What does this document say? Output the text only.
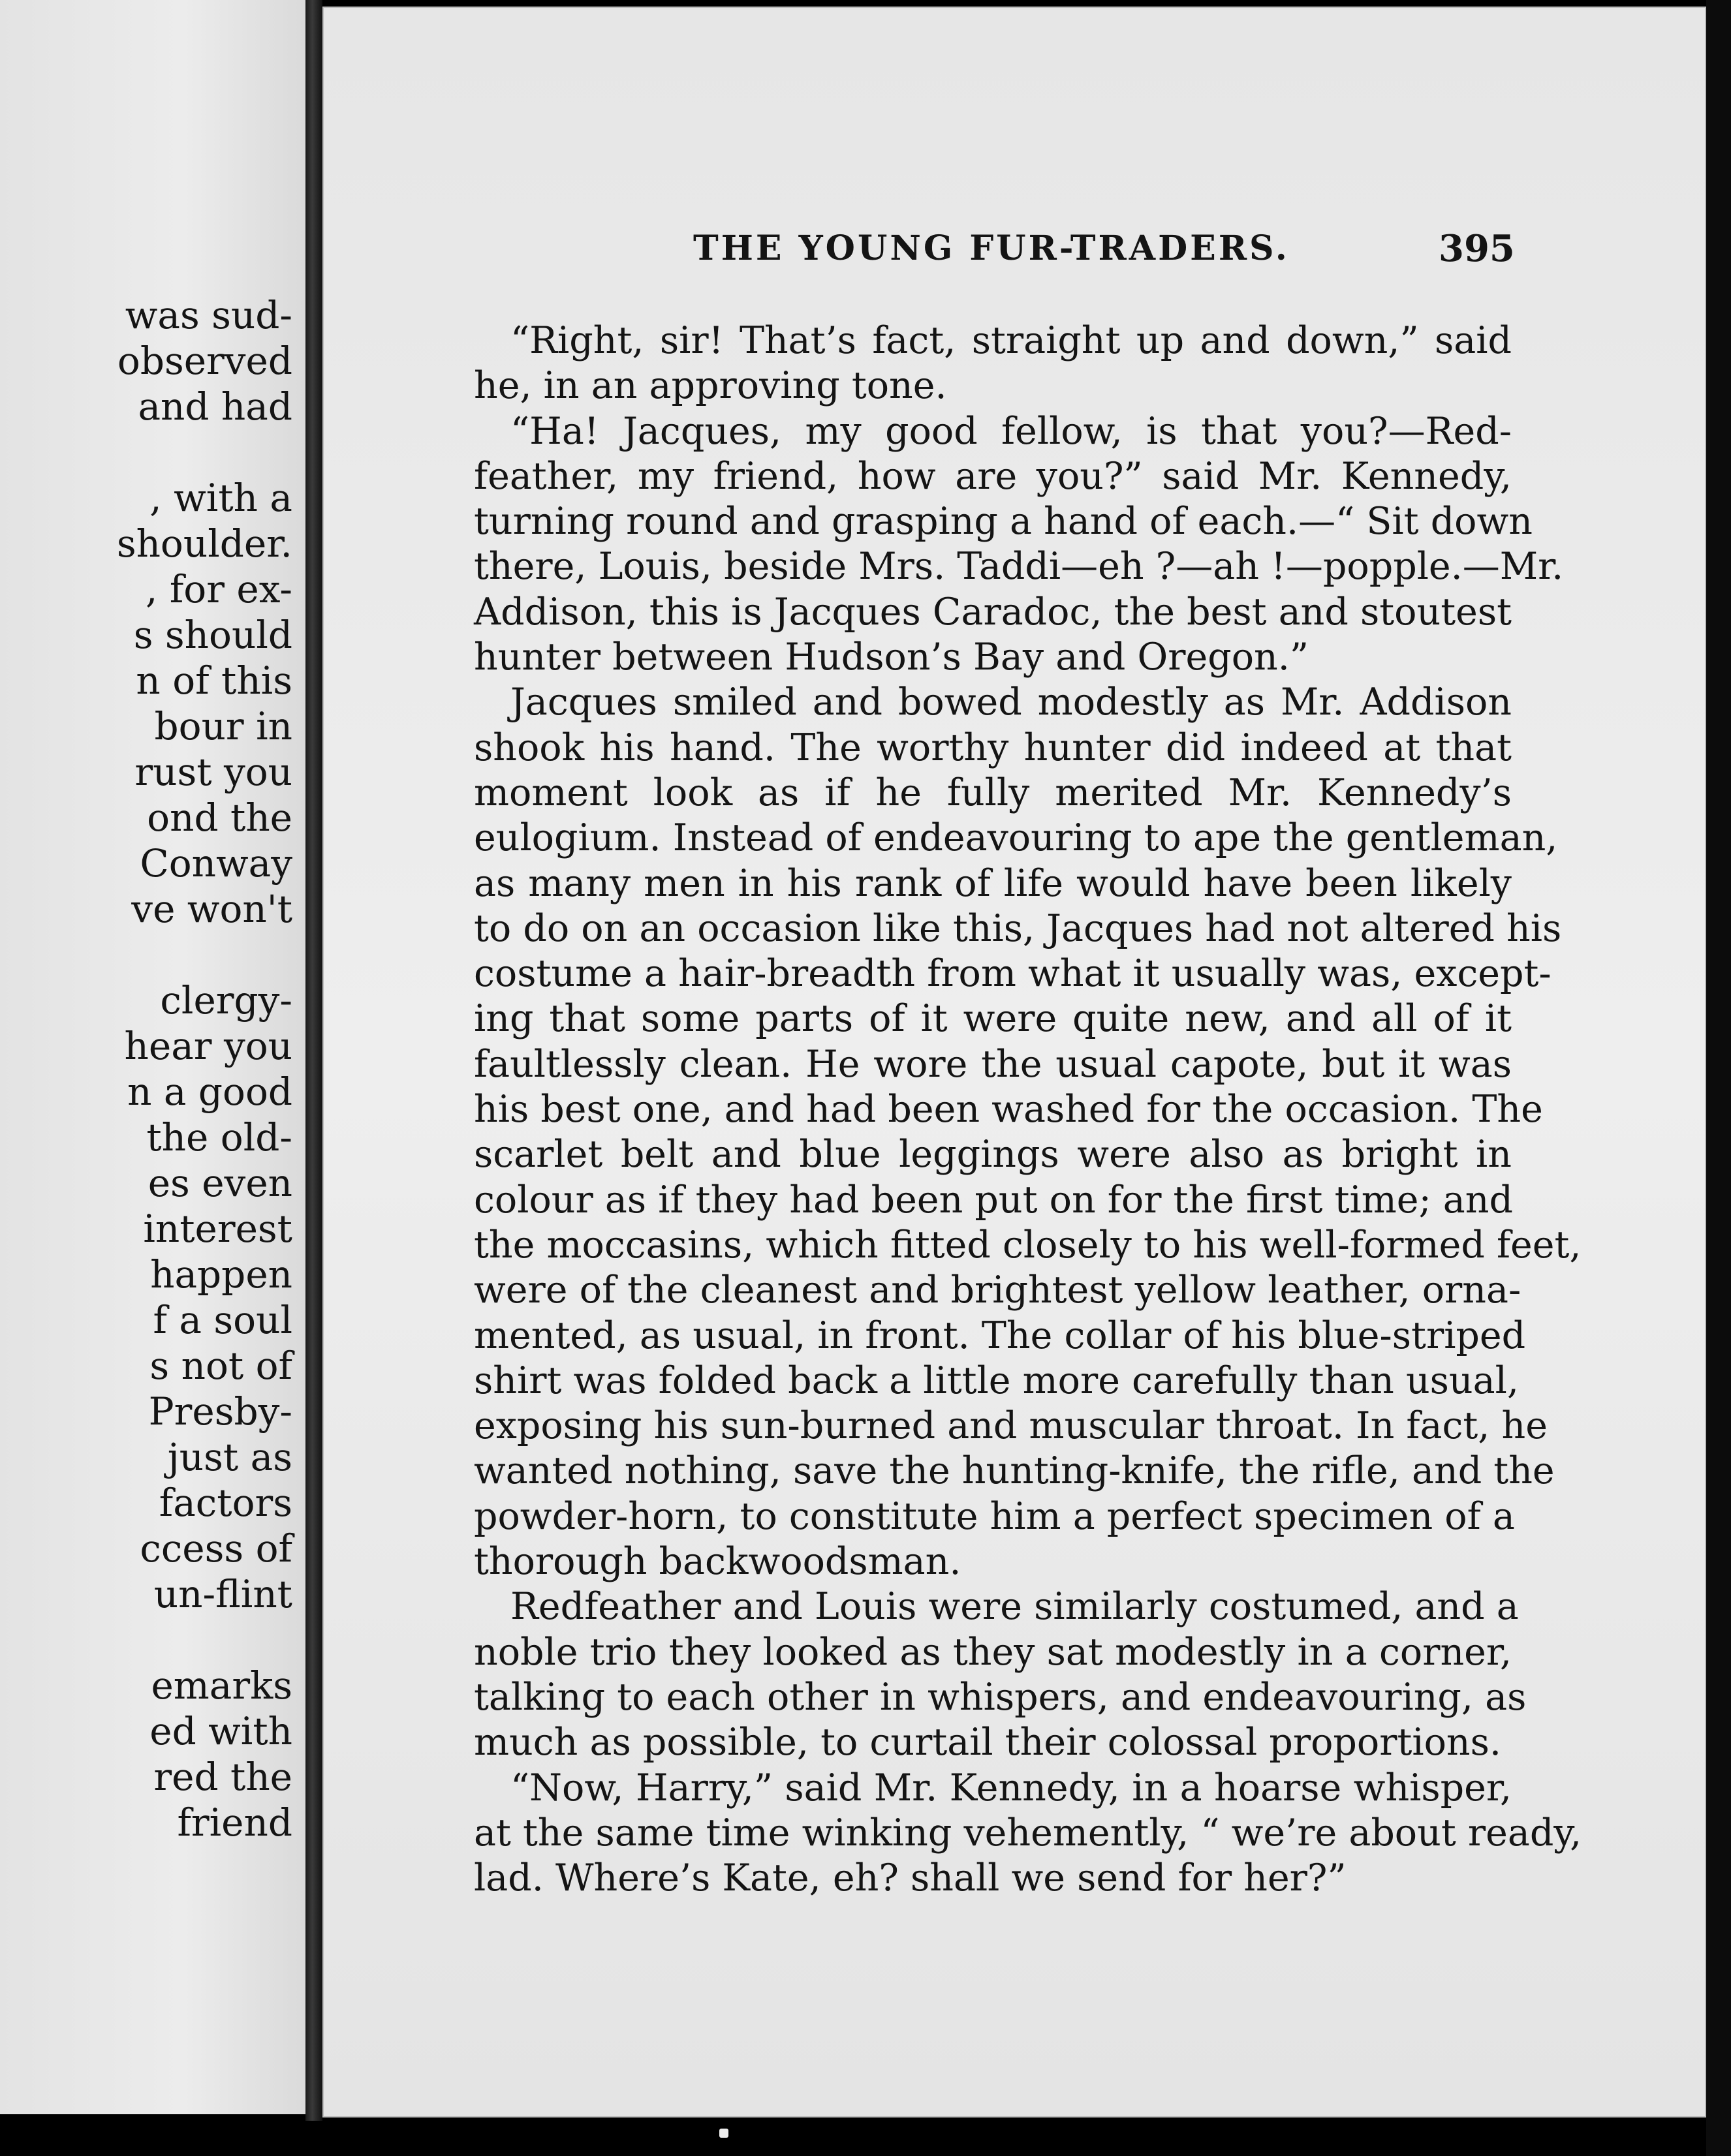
was sud-
observed
and had
, with a
shoulder.
, for ex-
s should
n of this
bour in
rust you
ond the
Conway
ve won't
clergy-
hear you
n a good
the old-
es even
interest
happen
f a soul
s not of
Presby-
just as
factors
ccess of
un-flint
emarks
ed with
red the
friend
THE YOUNG FUR-TRADERS.	395
“Right, sir! That’s fact, straight up and down,” said
he, in an approving tone.
“Ha! Jacques, my good fellow, is that you?—Red-
feather, my friend, how are you?” said Mr. Kennedy,
turning round and grasping a hand of each.—“ Sit down
there, Louis, beside Mrs. Taddi—eh ?—ah !—popple.—Mr.
Addison, this is Jacques Caradoc, the best and stoutest
hunter between Hudson’s Bay and Oregon.”
Jacques smiled and bowed modestly as Mr. Addison
shook his hand. The worthy hunter did indeed at that
moment look as if he fully merited Mr. Kennedy’s
eulogium. Instead of endeavouring to ape the gentleman,
as many men in his rank of life would have been likely
to do on an occasion like this, Jacques had not altered his
costume a hair-breadth from what it usually was, except-
ing that some parts of it were quite new, and all of it
faultlessly clean. He wore the usual capote, but it was
his best one, and had been washed for the occasion. The
scarlet belt and blue leggings were also as bright in
colour as if they had been put on for the first time; and
the moccasins, which fitted closely to his well-formed feet,
were of the cleanest and brightest yellow leather, orna-
mented, as usual, in front. The collar of his blue-striped
shirt was folded back a little more carefully than usual,
exposing his sun-burned and muscular throat. In fact, he
wanted nothing, save the hunting-knife, the rifle, and the
powder-horn, to constitute him a perfect specimen of a
thorough backwoodsman.
Redfeather and Louis were similarly costumed, and a
noble trio they looked as they sat modestly in a corner,
talking to each other in whispers, and endeavouring, as
much as possible, to curtail their colossal proportions.
“Now, Harry,” said Mr. Kennedy, in a hoarse whisper,
at the same time winking vehemently, “ we’re about ready,
lad. Where’s Kate, eh? shall we send for her?”
